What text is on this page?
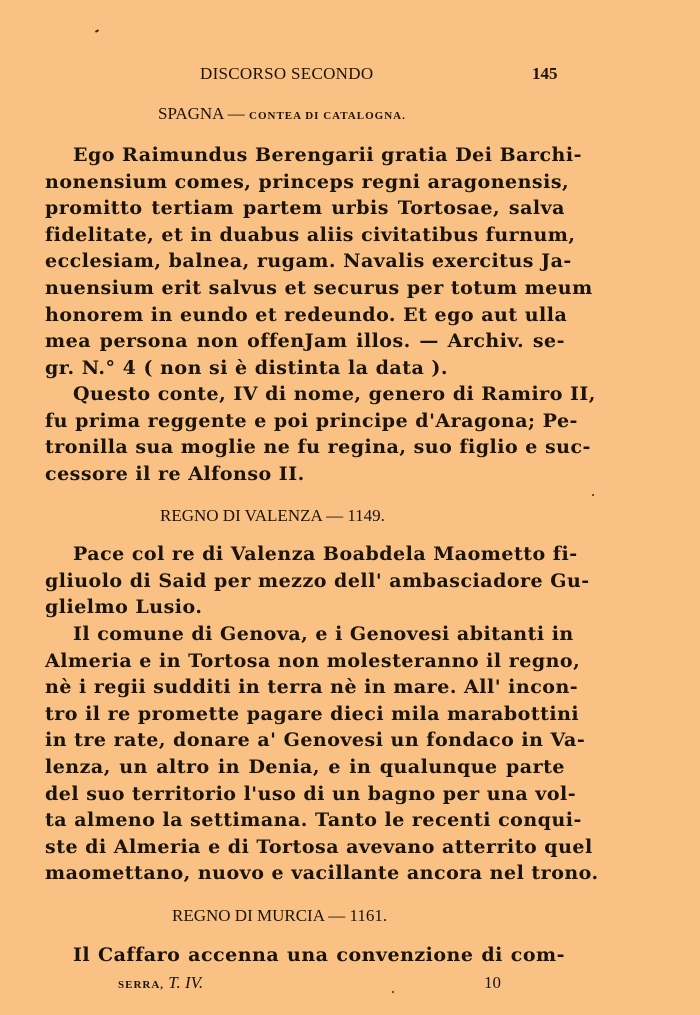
DISCORSO SECONDO	145
SPAGNA — CONTEA DI CATALOGNA.
Ego Raimundus Berengarii gratia Dei Barchi-
nonensium comes, princeps regni aragonensis,
promitto tertiam partem urbis Tortosae, salva
fidelitate, et in duabus aliis civitatibus furnum,
ecclesiam, balnea, rugam. Navalis exercitus Ja-
nuensium erit salvus et securus per totum meum
honorem in eundo et redeundo. Et ego aut ulla
mea persona non offenJam illos. — Archiv. se-
gr. N.° 4 ( non si è distinta la data ).
Questo conte, IV di nome, genero di Ramiro II,
fu prima reggente e poi principe d'Aragona; Pe-
tronilla sua moglie ne fu regina, suo figlio e suc-
cessore il re Alfonso II.
REGNO DI VALENZA — 1149.
Pace col re di Valenza Boabdela Maometto fi-
gliuolo di Said per mezzo dell' ambasciadore Gu-
glielmo Lusio.
Il comune di Genova, e i Genovesi abitanti in
Almeria e in Tortosa non molesteranno il regno,
nè i regii sudditi in terra nè in mare. All' incon-
tro il re promette pagare dieci mila marabottini
in tre rate, donare a' Genovesi un fondaco in Va-
lenza, un altro in Denia, e in qualunque parte
del suo territorio l'uso di un bagno per una vol-
ta almeno la settimana. Tanto le recenti conqui-
ste di Almeria e di Tortosa avevano atterrito quel
maomettano, nuovo e vacillante ancora nel trono.
REGNO DI MURCIA — 1161.
Il Caffaro accenna una convenzione di com-
SERRA, T. IV.	10
